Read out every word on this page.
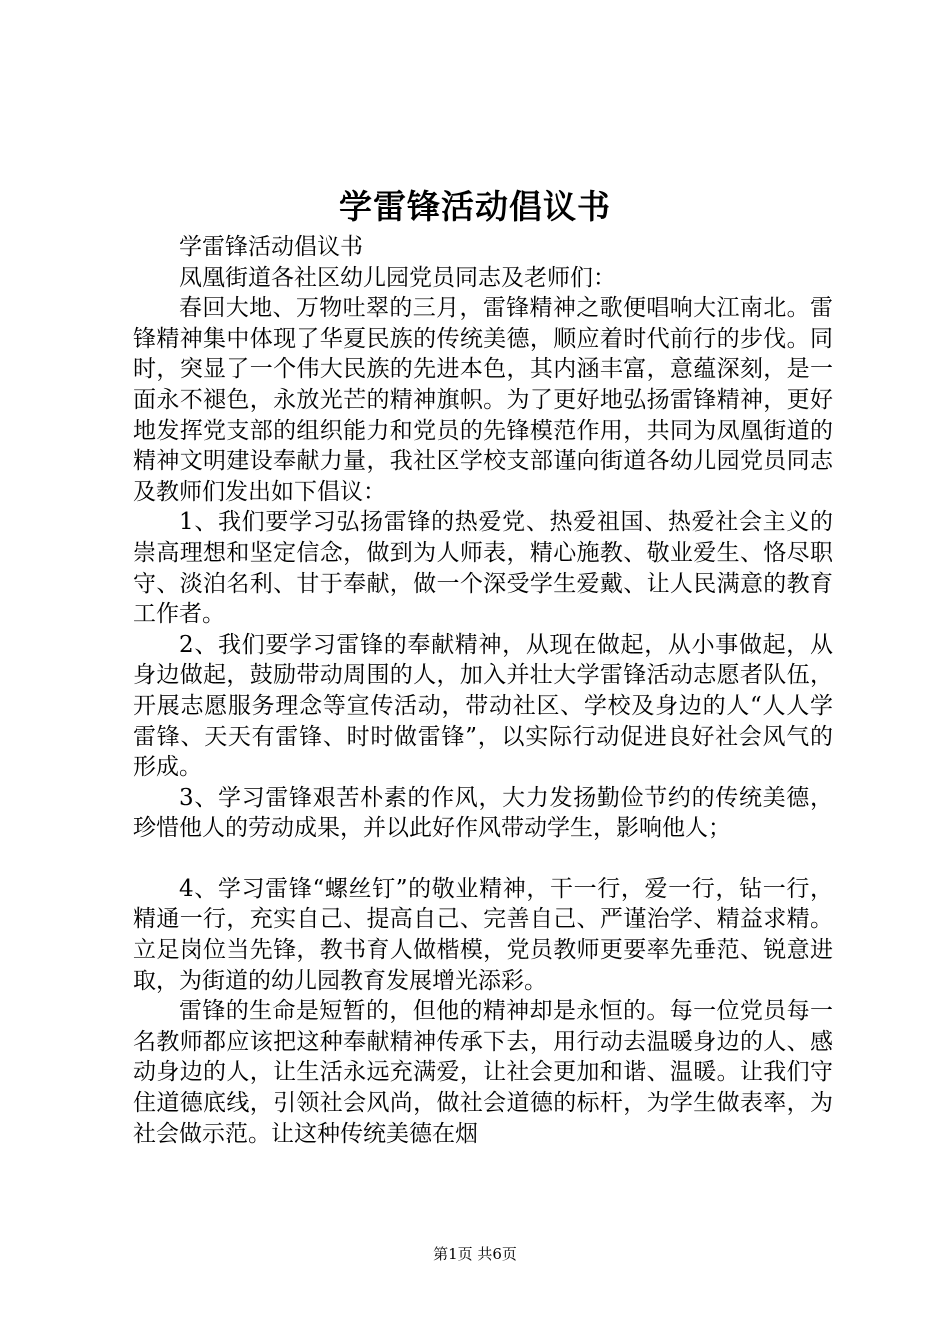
学雷锋活动倡议书

学雷锋活动倡议书

凤凰街道各社区幼儿园党员同志及老师们：

春回大地、万物吐翠的三月，雷锋精神之歌便唱响大江南北。雷锋精神集中体现了华夏民族的传统美德，顺应着时代前行的步伐。同时，突显了一个伟大民族的先进本色，其内涵丰富，意蕴深刻，是一面永不褪色，永放光芒的精神旗帜。为了更好地弘扬雷锋精神，更好地发挥党支部的组织能力和党员的先锋模范作用，共同为凤凰街道的精神文明建设奉献力量，我社区学校支部谨向街道各幼儿园党员同志及教师们发出如下倡议：

1、我们要学习弘扬雷锋的热爱党、热爱祖国、热爱社会主义的崇高理想和坚定信念，做到为人师表，精心施教、敬业爱生、恪尽职守、淡泊名利、甘于奉献，做一个深受学生爱戴、让人民满意的教育工作者。

2、我们要学习雷锋的奉献精神，从现在做起，从小事做起，从身边做起，鼓励带动周围的人，加入并壮大学雷锋活动志愿者队伍，开展志愿服务理念等宣传活动，带动社区、学校及身边的人“人人学雷锋、天天有雷锋、时时做雷锋”，以实际行动促进良好社会风气的形成。

3、学习雷锋艰苦朴素的作风，大力发扬勤俭节约的传统美德，珍惜他人的劳动成果，并以此好作风带动学生，影响他人；

4、学习雷锋“螺丝钉”的敬业精神，干一行，爱一行，钻一行，精通一行，充实自己、提高自己、完善自己、严谨治学、精益求精。立足岗位当先锋，教书育人做楷模，党员教师更要率先垂范、锐意进取，为街道的幼儿园教育发展增光添彩。

雷锋的生命是短暂的，但他的精神却是永恒的。每一位党员每一名教师都应该把这种奉献精神传承下去，用行动去温暖身边的人、感动身边的人，让生活永远充满爱，让社会更加和谐、温暖。让我们守住道德底线，引领社会风尚，做社会道德的标杆，为学生做表率，为社会做示范。让这种传统美德在烟

第1页 共6页
